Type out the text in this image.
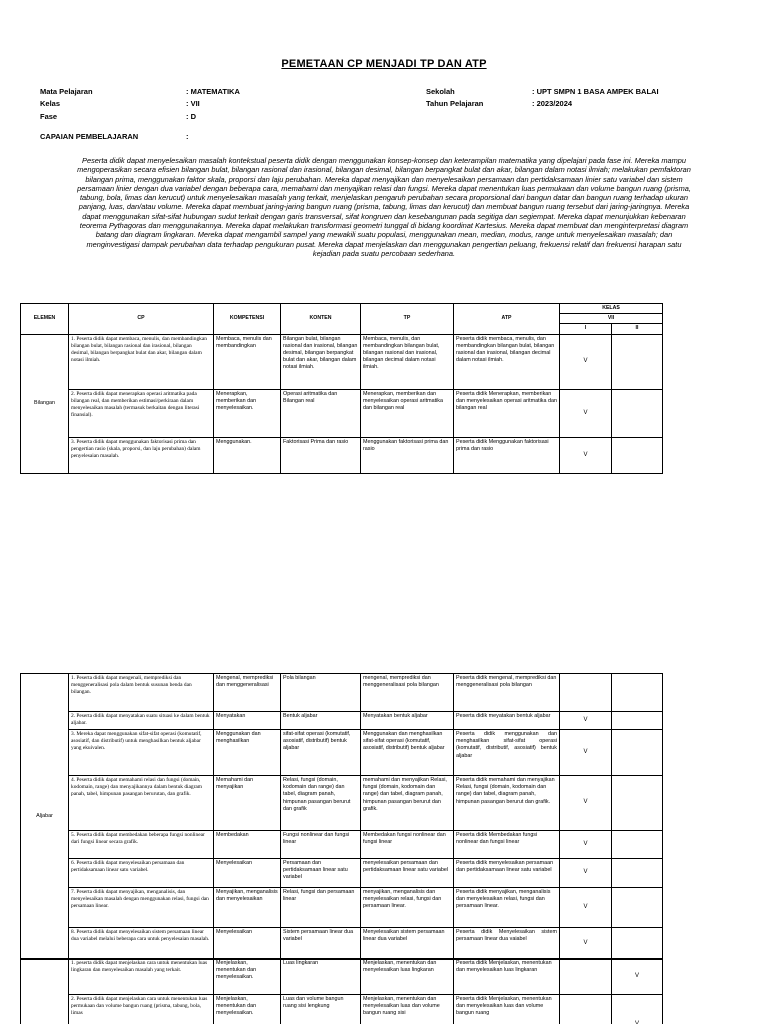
PEMETAAN CP MENJADI TP DAN ATP
Mata Pelajaran	: MATEMATIKA
Kelas	: VII
Fase	: D
Sekolah	: UPT SMPN 1 BASA AMPEK BALAI
Tahun Pelajaran	: 2023/2024
CAPAIAN PEMBELAJARAN	:
Peserta didik dapat menyelesaikan masalah kontekstual peserta didik dengan menggunakan konsep-konsep dan keterampilan matematika yang dipelajari pada fase ini. Mereka mampu mengoperasikan secara efisien bilangan bulat, bilangan rasional dan irasional, bilangan desimal, bilangan berpangkat bulat dan akar, bilangan dalam notasi ilmiah; melakukan pemfaktoran bilangan prima, menggunakan faktor skala, proporsi dan laju perubahan. Mereka dapat menyajikan dan menyelesaikan persamaan dan pertidaksamaan linier satu variabel dan sistem persamaan linier dengan dua variabel dengan beberapa cara, memahami dan menyajikan relasi dan fungsi. Mereka dapat menentukan luas permukaan dan volume bangun ruang (prisma, tabung, bola, limas dan kerucut) untuk menyelesaikan masalah yang terkait, menjelaskan pengaruh perubahan secara proporsional dari bangun datar dan bangun ruang terhadap ukuran panjang, luas, dan/atau volume. Mereka dapat membuat jaring-jaring bangun ruang (prisma, tabung, limas dan kerucut) dan membuat bangun ruang tersebut dari jaring-jaringnya. Mereka dapat menggunakan sifat-sifat hubungan sudut terkait dengan garis transversal, sifat kongruen dan kesebangunan pada segitiga dan segiempat. Mereka dapat menunjukkan kebenaran teorema Pythagoras dan menggunakannya. Mereka dapat melakukan transformasi geometri tunggal di bidang koordinat Kartesius. Mereka dapat membuat dan menginterpretasi diagram batang dan diagram lingkaran. Mereka dapat mengambil sampel yang mewakili suatu populasi, menggunakan mean, median, modus, range untuk menyelesaikan masalah; dan menginvestigasi dampak perubahan data terhadap pengukuran pusat. Mereka dapat menjelaskan dan menggunakan pengertian peluang, frekuensi relatif dan frekuensi harapan satu kejadian pada suatu percobaan sederhana.
ELEMEN	CP	KOMPETENSI	KONTEN	TP	ATP	KELAS	
						VII	
						I	II
Bilangan	1. Peserta didik dapat membaca, menulis, dan membandingkan bilangan bulat, bilangan rasional dan irasional, bilangan desimal, bilangan berpangkat bulat dan akar, bilangan dalam notasi ilmiah.	Membaca, menulis dan membandingkan	Bilangan bulat, bilangan rasional dan irasional, bilangan desimal, bilangan berpangkat bulat dan akar, bilangan dalam notasi ilmiah.	Membaca, menulis, dan membandingkan bilangan bulat, bilangan rasional dan irasional, bilangan decimal dalam notasi ilmiah.	Peserta didik membaca, menulis, dan membandingkan bilangan bulat, bilangan rasional dan irasional, bilangan decimal dalam notasi ilmiah.	V	
	2. Peserta didik dapat menerapkan operasi aritmatika pada bilangan real, dan memberikan estimasi/perkiraan dalam menyelesaikan masalah (termasuk berkaitan dengan literasi finansial).	Menerapkan, memberikan dan menyelesaikan.	Operasi aritmatika dan Bilangan real	Menerapkan, memberikan dan menyelesaikan operasi aritmatika dan bilangan real	Peserta didik Menerapkan, memberikan dan menyelesaikan operasi aritmatika dan bilangan real	V	
	3. Peserta didik dapat menggunakan faktorisasi prima dan pengertian rasio (skala, proporsi, dan laju perubahan) dalam penyelesaian masalah.	Menggunakan.	Faktorisasi Prima dan rasio	Menggunakan faktorisasi prima dan rasio	Peserta didik Menggunakan faktorisasi prima dan rasio	V	
Aljabar	1. Peserta didik dapat mengenali, memprediksi dan menggeneralisasi pola dalam bentuk susunan benda dan bilangan.	Mengenal, memprediksi dan menggeneralisasi	Pola bilangan	mengenal, memprediksi dan menggeneralisasi pola bilangan	Peserta didik mengenal, memprediksi dan menggeneralisasi pola bilangan		
	2. Peserta didik dapat menyatakan suatu situasi ke dalam bentuk aljabar.	Menyatakan	Bentuk aljabar	Menyatakan bentuk aljabar	Peserta didik meyatakan bentuk aljabar	V	
	3. Mereka dapat menggunakan sifat-sifat operasi (komutatif, asosiatif, dan distributif) untuk menghasilkan bentuk aljabar yang ekuivalen.	Menggunakan dan menghasilkan	sifat-sifat operasi (komutatif, asosiatif, distributif) bentuk aljabar	Menggunakan dan menghasilkan sifat-sifat operasi (komutatif, asosiatif, distributif) bentuk aljabar	Peserta didik menggunakan dan menghasilkan sifat-sifat operasi (komutatif, distributif, asosiatif) bentuk aljabar	V	
	4. Peserta didik dapat memahami relasi dan fungsi (domain, kodomain, range) dan menyajikannya dalam bentuk diagram panah, tabel, himpunan pasangan berurutan, dan grafik.	Memahami dan menyajikan	Relasi, fungsi (domain, kodomain dan range) dan tabel, diagram panah, himpunan pasangan berurut dan grafik	memahami dan menyajikan Relasi, fungsi (domain, kodomain dan range) dan tabel, diagram panah, himpunan pasangan berurut dan grafik.	Peserta didik memahami dan menyajikan Relasi, fungsi (domain, kodomain dan range) dan tabel, diagram panah, himpunan pasangan berurut dan grafik.	V	
	5. Peserta didik dapat membedakan beberapa fungsi nonlinear dari fungsi linear secara grafik.	Membedakan	Fungsi nonlinear dan fungsi linear	Membedakan fungsi nonlinear dan fungsi linear	Peserta didik Membedakan fungsi nonlinear dan fungsi linear	V	
	6. Peserta didik dapat menyelesaikan persamaan dan pertidaksamaan linear satu variabel.	Menyelesaikan	Persamaan dan pertidaksamaan linear satu variabel	menyelesaikan persamaan dan pertidaksamaan linear satu variabel	Peserta didik menyelesaikan persamaan dan pertidaksamaan linear satu variabel	V	
	7. Peserta didik dapat menyajikan, menganalisis, dan menyelesaikan masalah dengan menggunakan relasi, fungsi dan persamaan linear.	Menyajikan, menganalisis dan menyelesaikan	Relasi, fungsi dan persamaan linear	menyajikan, menganalisis dan menyelesaikan relasi, fungsi dan persamaan linear.	Peserta didik menyajikan, menganalisis dan menyelesaikan relasi, fungsi dan persamaan linear.	V	
	8. Peserta didik dapat menyelesaikan sistem persamaan linear dua variabel melalui beberapa cara untuk penyelesaian masalah.	Menyelesaikan	Sistem persamaan linear dua variabel	Menyelesaikan sistem persamaan linear dua variabel	Peserta didik Menyelesaikan sistem persamaan linear dua vaiabel	V	
	1. peserta didik dapat menjelaskan cara untuk menentukan luas lingkaran dan menyelesaikan masalah yang terkait.	Menjelaskan, menentukan dan menyelesaikan.	Luas lingkaran	Menjelaskan, menentukan dan menyelesaikan luas lingkaran	Peserta didik Menjelaskan, menentukan dan menyelesaikan luas lingkaran		V
	2. Peserta didik dapat menjelaskan cara untuk menentukan luas permukaan dan volume bangun ruang (prisma, tabung, bola, limas	Menjelaskan, menentukan dan menyelesaikan.	Luas dan volume bangun ruang sisi lengkung	Menjelaskan, menentukan dan menyelesaikan luas dan volume bangun ruang sisi	Peserta didik Menjelaskan, menentukan dan menyelesaikan luas dan volume bangun ruang		V
